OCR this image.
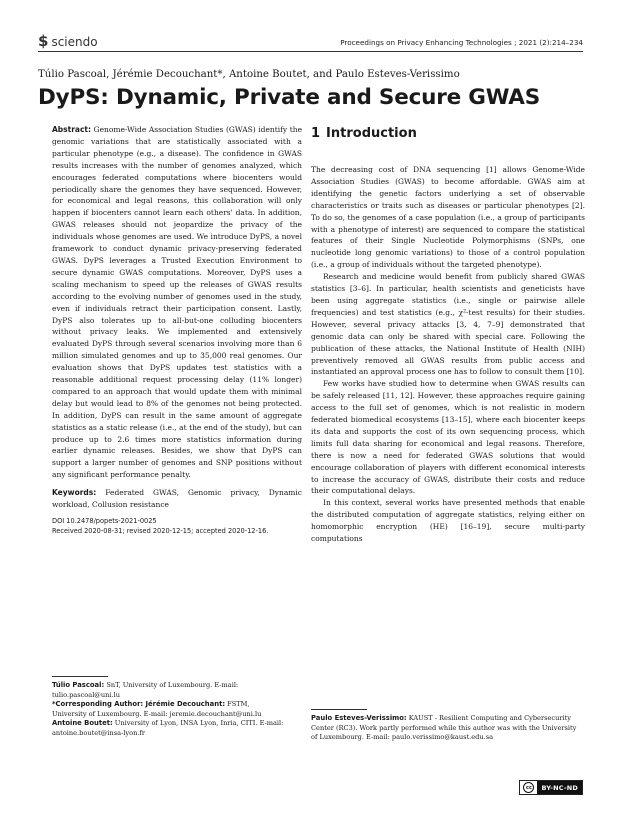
$ sciendo	Proceedings on Privacy Enhancing Technologies ; 2021 (2):214–234
Túlio Pascoal, Jérémie Decouchant*, Antoine Boutet, and Paulo Esteves-Verissimo
DyPS: Dynamic, Private and Secure GWAS

Abstract: Genome-Wide Association Studies (GWAS) identify the genomic variations that are statistically associated with a particular phenotype (e.g., a disease). The confidence in GWAS results increases with the number of genomes analyzed, which encourages federated computations where biocenters would periodically share the genomes they have sequenced. However, for economical and legal reasons, this collaboration will only happen if biocenters cannot learn each others' data. In addition, GWAS releases should not jeopardize the privacy of the individuals whose genomes are used. We introduce DyPS, a novel framework to conduct dynamic privacy-preserving federated GWAS. DyPS leverages a Trusted Execution Environment to secure dynamic GWAS computations. Moreover, DyPS uses a scaling mechanism to speed up the releases of GWAS results according to the evolving number of genomes used in the study, even if individuals retract their participation consent. Lastly, DyPS also tolerates up to all-but-one colluding biocenters without privacy leaks. We implemented and extensively evaluated DyPS through several scenarios involving more than 6 million simulated genomes and up to 35,000 real genomes. Our evaluation shows that DyPS updates test statistics with a reasonable additional request processing delay (11% longer) compared to an approach that would update them with minimal delay but would lead to 8% of the genomes not being protected. In addition, DyPS can result in the same amount of aggregate statistics as a static release (i.e., at the end of the study), but can produce up to 2.6 times more statistics information during earlier dynamic releases. Besides, we show that DyPS can support a larger number of genomes and SNP positions without any significant performance penalty.

Keywords: Federated GWAS, Genomic privacy, Dynamic workload, Collusion resistance

DOI 10.2478/popets-2021-0025
Received 2020-08-31; revised 2020-12-15; accepted 2020-12-16.
1 Introduction

The decreasing cost of DNA sequencing [1] allows Genome-Wide Association Studies (GWAS) to become affordable. GWAS aim at identifying the genetic factors underlying a set of observable characteristics or traits such as diseases or particular phenotypes [2]. To do so, the genomes of a case population (i.e., a group of participants with a phenotype of interest) are sequenced to compare the statistical features of their Single Nucleotide Polymorphisms (SNPs, one nucleotide long genomic variations) to those of a control population (i.e., a group of individuals without the targeted phenotype).

Research and medicine would benefit from publicly shared GWAS statistics [3–6]. In particular, health scientists and geneticists have been using aggregate statistics (i.e., single or pairwise allele frequencies) and test statistics (e.g., χ²-test results) for their studies. However, several privacy attacks [3, 4, 7–9] demonstrated that genomic data can only be shared with special care. Following the publication of these attacks, the National Institute of Health (NIH) preventively removed all GWAS results from public access and instantiated an approval process one has to follow to consult them [10].

Few works have studied how to determine when GWAS results can be safely released [11, 12]. However, these approaches require gaining access to the full set of genomes, which is not realistic in modern federated biomedical ecosystems [13–15], where each biocenter keeps its data and supports the cost of its own sequencing process, which limits full data sharing for economical and legal reasons. Therefore, there is now a need for federated GWAS solutions that would encourage collaboration of players with different economical interests to increase the accuracy of GWAS, distribute their costs and reduce their computational delays.

In this context, several works have presented methods that enable the distributed computation of aggregate statistics, relying either on homomorphic encryption (HE) [16–19], secure multi-party computations

Túlio Pascoal: SnT, University of Luxembourg. E-mail: tulio.pascoal@uni.lu
*Corresponding Author: Jérémie Decouchant: FSTM, University of Luxembourg. E-mail: jeremie.decouchant@uni.lu
Antoine Boutet: University of Lyon, INSA Lyon, Inria, CITI. E-mail: antoine.boutet@insa-lyon.fr
Paulo Esteves-Verissimo: KAUST - Resilient Computing and Cybersecurity Center (RC3). Work partly performed while this author was with the University of Luxembourg. E-mail: paulo.verissimo@kaust.edu.sa
cc	BY-NC-ND
